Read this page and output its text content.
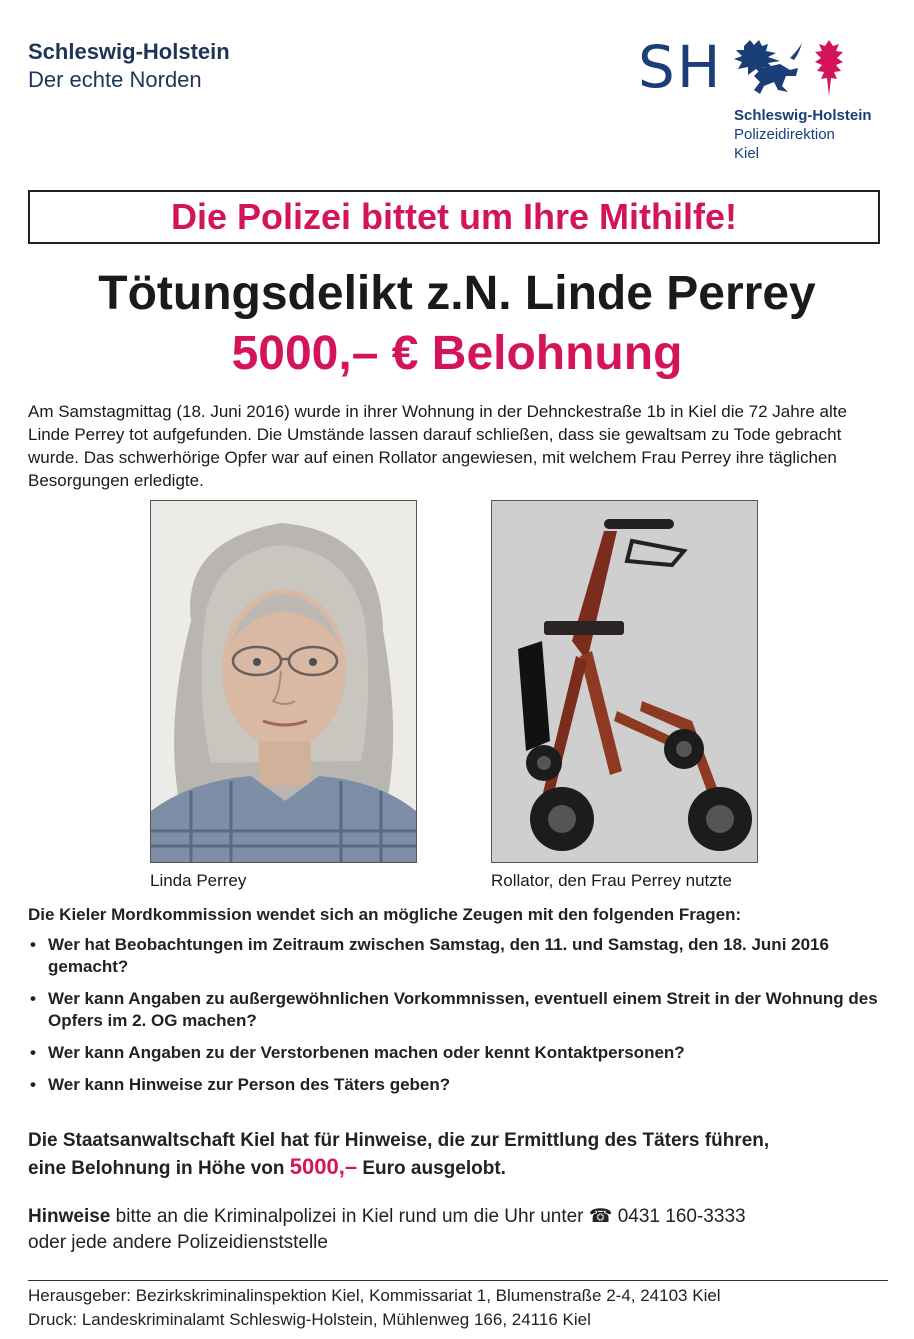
Schleswig-Holstein
Der echte Norden	SH
Schleswig-Holstein
Polizeidirektion
Kiel
Die Polizei bittet um Ihre Mithilfe!
Tötungsdelikt z.N. Linde Perrey
5000,– € Belohnung
Am Samstagmittag (18. Juni 2016) wurde in ihrer Wohnung in der Dehnckestraße 1b in Kiel die 72 Jahre alte Linde Perrey tot aufgefunden. Die Umstände lassen darauf schließen, dass sie gewaltsam zu Tode gebracht wurde. Das schwerhörige Opfer war auf einen Rollator angewiesen, mit welchem Frau Perrey ihre täglichen Besorgungen erledigte.
Linda Perrey	Rollator, den Frau Perrey nutzte
Die Kieler Mordkommission wendet sich an mögliche Zeugen mit den folgenden Fragen:
• Wer hat Beobachtungen im Zeitraum zwischen Samstag, den 11. und Samstag, den 18. Juni 2016 gemacht?
• Wer kann Angaben zu außergewöhnlichen Vorkommnissen, eventuell einem Streit in der Wohnung des Opfers im 2. OG machen?
• Wer kann Angaben zu der Verstorbenen machen oder kennt Kontaktpersonen?
• Wer kann Hinweise zur Person des Täters geben?
Die Staatsanwaltschaft Kiel hat für Hinweise, die zur Ermittlung des Täters führen,
eine Belohnung in Höhe von 5000,– Euro ausgelobt.
Hinweise bitte an die Kriminalpolizei in Kiel rund um die Uhr unter ☎ 0431 160-3333
oder jede andere Polizeidienststelle
Herausgeber: Bezirkskriminalinspektion Kiel, Kommissariat 1, Blumenstraße 2-4, 24103 Kiel
Druck: Landeskriminalamt Schleswig-Holstein, Mühlenweg 166, 24116 Kiel
